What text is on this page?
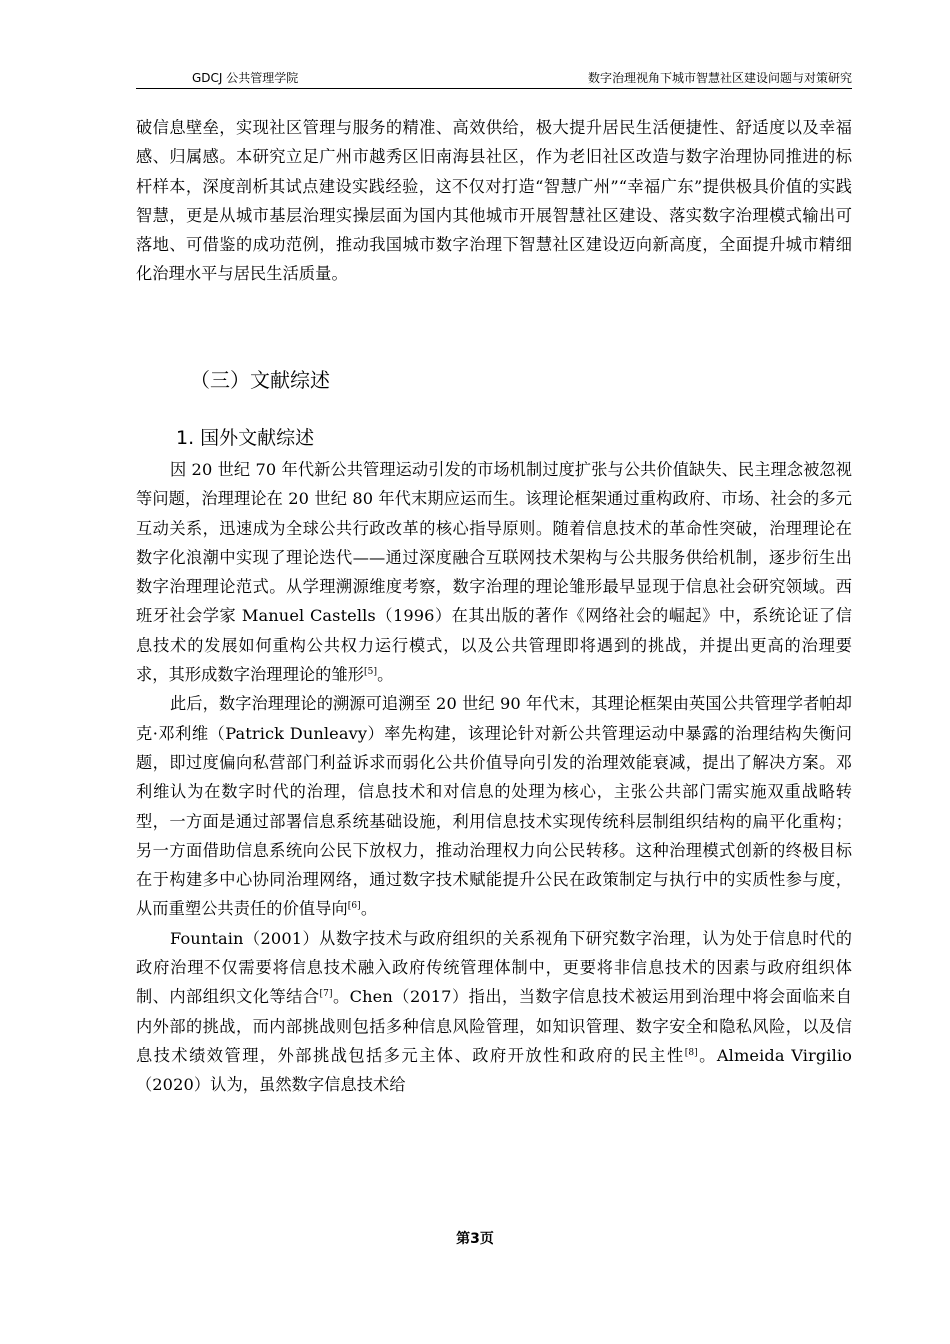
GDCJ 公共管理学院	数字治理视角下城市智慧社区建设问题与对策研究

破信息壁垒，实现社区管理与服务的精准、高效供给，极大提升居民生活便捷性、舒适度以及幸福感、归属感。本研究立足广州市越秀区旧南海县社区，作为老旧社区改造与数字治理协同推进的标杆样本，深度剖析其试点建设实践经验，这不仅对打造“智慧广州”“幸福广东”提供极具价值的实践智慧，更是从城市基层治理实操层面为国内其他城市开展智慧社区建设、落实数字治理模式输出可落地、可借鉴的成功范例，推动我国城市数字治理下智慧社区建设迈向新高度，全面提升城市精细化治理水平与居民生活质量。

（三）文献综述
1. 国外文献综述

因 20 世纪 70 年代新公共管理运动引发的市场机制过度扩张与公共价值缺失、民主理念被忽视等问题，治理理论在 20 世纪 80 年代末期应运而生。该理论框架通过重构政府、市场、社会的多元互动关系，迅速成为全球公共行政改革的核心指导原则。随着信息技术的革命性突破，治理理论在数字化浪潮中实现了理论迭代——通过深度融合互联网技术架构与公共服务供给机制，逐步衍生出数字治理理论范式。从学理溯源维度考察，数字治理的理论雏形最早显现于信息社会研究领域。西班牙社会学家 Manuel Castells（1996）在其出版的著作《网络社会的崛起》中，系统论证了信息技术的发展如何重构公共权力运行模式，以及公共管理即将遇到的挑战，并提出更高的治理要求，其形成数字治理理论的雏形[5]。

此后，数字治理理论的溯源可追溯至 20 世纪 90 年代末，其理论框架由英国公共管理学者帕却克·邓利维（Patrick Dunleavy）率先构建，该理论针对新公共管理运动中暴露的治理结构失衡问题，即过度偏向私营部门利益诉求而弱化公共价值导向引发的治理效能衰减，提出了解决方案。邓利维认为在数字时代的治理，信息技术和对信息的处理为核心，主张公共部门需实施双重战略转型，一方面是通过部署信息系统基础设施，利用信息技术实现传统科层制组织结构的扁平化重构；另一方面借助信息系统向公民下放权力，推动治理权力向公民转移。这种治理模式创新的终极目标在于构建多中心协同治理网络，通过数字技术赋能提升公民在政策制定与执行中的实质性参与度，从而重塑公共责任的价值导向[6]。

Fountain（2001）从数字技术与政府组织的关系视角下研究数字治理，认为处于信息时代的政府治理不仅需要将信息技术融入政府传统管理体制中，更要将非信息技术的因素与政府组织体制、内部组织文化等结合[7]。Chen（2017）指出，当数字信息技术被运用到治理中将会面临来自内外部的挑战，而内部挑战则包括多种信息风险管理，如知识管理、数字安全和隐私风险，以及信息技术绩效管理，外部挑战包括多元主体、政府开放性和政府的民主性[8]。Almeida Virgilio（2020）认为，虽然数字信息技术给

第3页
